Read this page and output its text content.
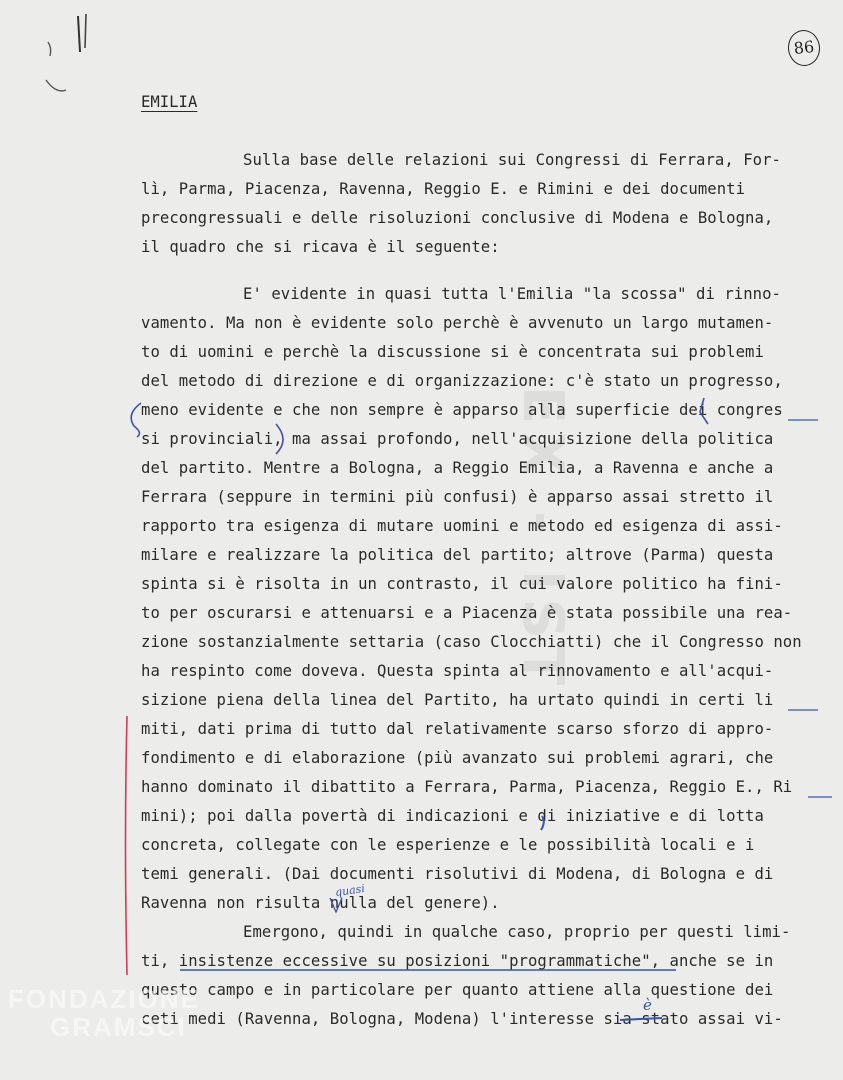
EX - IST
86
EMILIA
Sulla base delle relazioni sui Congressi di Ferrara, For-
lì, Parma, Piacenza, Ravenna, Reggio E. e Rimini e dei documenti
precongressuali e delle risoluzioni conclusive di Modena e Bologna,
il quadro che si ricava è il seguente:
E' evidente in quasi tutta l'Emilia "la scossa" di rinno-
vamento. Ma non è evidente solo perchè è avvenuto un largo mutamen-
to di uomini e perchè la discussione si è concentrata sui problemi
del metodo di direzione e di organizzazione: c'è stato un progresso,
meno evidente e che non sempre è apparso alla superficie dei congres
si provinciali, ma assai profondo, nell'acquisizione della politica
del partito. Mentre a Bologna, a Reggio Emilia, a Ravenna e anche a
Ferrara (seppure in termini più confusi) è apparso assai stretto il
rapporto tra esigenza di mutare uomini e metodo ed esigenza di assi-
milare e realizzare la politica del partito; altrove (Parma) questa
spinta si è risolta in un contrasto, il cui valore politico ha fini-
to per oscurarsi e attenuarsi e a Piacenza è stata possibile una rea-
zione sostanzialmente settaria (caso Clocchiatti) che il Congresso non
ha respinto come doveva. Questa spinta al rinnovamento e all'acqui-
sizione piena della linea del Partito, ha urtato quindi in certi li
miti, dati prima di tutto dal relativamente scarso sforzo di appro-
fondimento e di elaborazione (più avanzato sui problemi agrari, che
hanno dominato il dibattito a Ferrara, Parma, Piacenza, Reggio E., Ri
mini); poi dalla povertà di indicazioni e di iniziative e di lotta
concreta, collegate con le esperienze e le possibilità locali e i
temi generali. (Dai documenti risolutivi di Modena, di Bologna e di
Ravenna non risulta nulla del genere).
Emergono, quindi in qualche caso, proprio per questi limi-
ti, insistenze eccessive su posizioni "programmatiche", anche se in
questo campo e in particolare per quanto attiene alla questione dei
ceti medi (Ravenna, Bologna, Modena) l'interesse sia stato assai vi-
quasi
è
FONDAZIONE
GRAMSCI
